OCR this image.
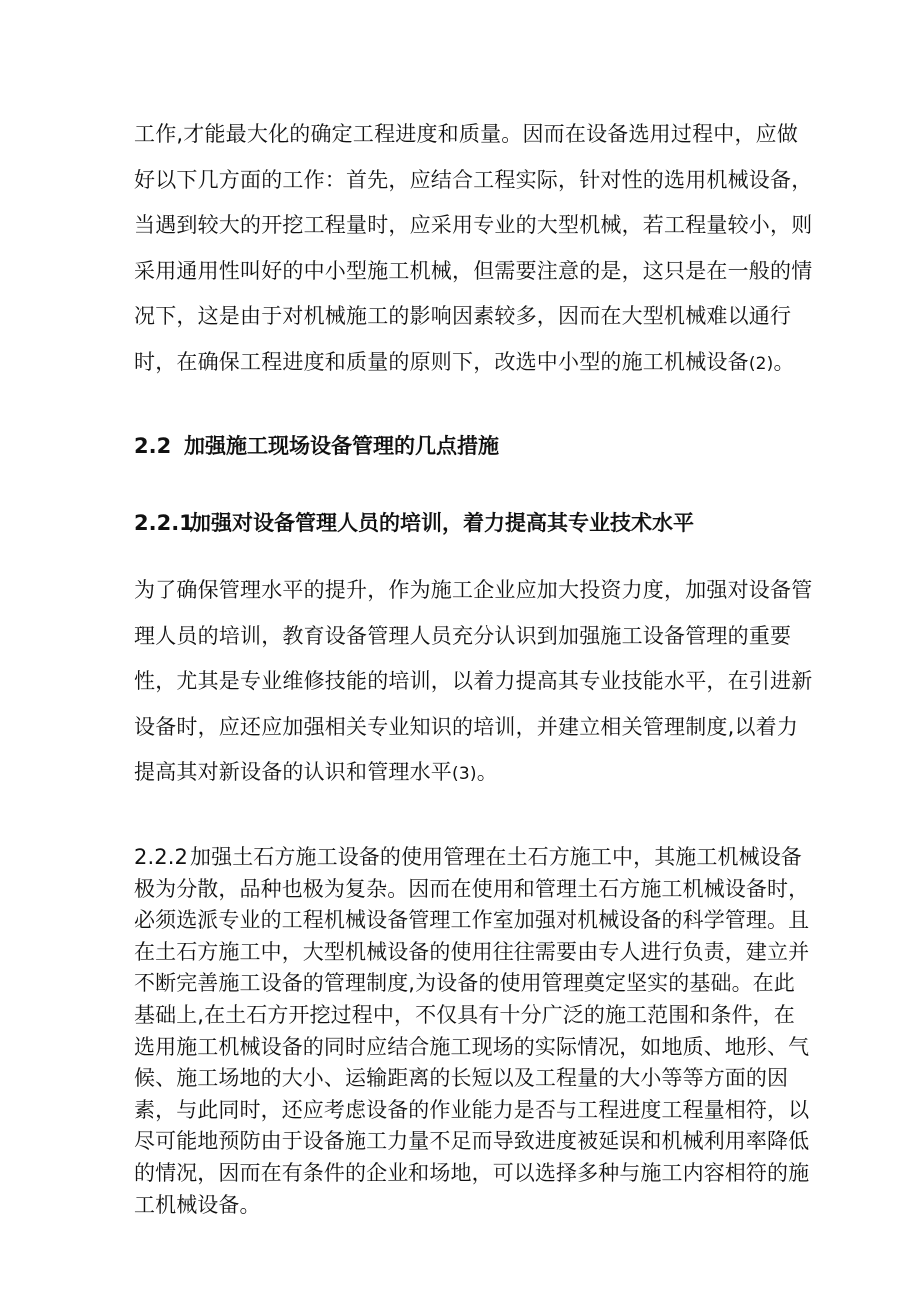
工作,才能最大化的确定工程进度和质量。因而在设备选用过程中，应做好以下几方面的工作：首先，应结合工程实际，针对性的选用机械设备，当遇到较大的开挖工程量时，应采用专业的大型机械，若工程量较小，则采用通用性叫好的中小型施工机械，但需要注意的是，这只是在一般的情况下，这是由于对机械施工的影响因素较多，因而在大型机械难以通行时，在确保工程进度和质量的原则下，改选中小型的施工机械设备(2)。

2.2 加强施工现场设备管理的几点措施
2.2.1加强对设备管理人员的培训，着力提高其专业技术水平

为了确保管理水平的提升，作为施工企业应加大投资力度，加强对设备管理人员的培训，教育设备管理人员充分认识到加强施工设备管理的重要性，尤其是专业维修技能的培训，以着力提高其专业技能水平，在引进新设备时，应还应加强相关专业知识的培训，并建立相关管理制度,以着力提高其对新设备的认识和管理水平(3)。

2.2.2加强土石方施工设备的使用管理在土石方施工中，其施工机械设备极为分散，品种也极为复杂。因而在使用和管理土石方施工机械设备时，必须选派专业的工程机械设备管理工作室加强对机械设备的科学管理。且在土石方施工中，大型机械设备的使用往往需要由专人进行负责，建立并不断完善施工设备的管理制度,为设备的使用管理奠定坚实的基础。在此基础上,在土石方开挖过程中，不仅具有十分广泛的施工范围和条件，在选用施工机械设备的同时应结合施工现场的实际情况，如地质、地形、气候、施工场地的大小、运输距离的长短以及工程量的大小等等方面的因素，与此同时，还应考虑设备的作业能力是否与工程进度工程量相符，以尽可能地预防由于设备施工力量不足而导致进度被延误和机械利用率降低的情况，因而在有条件的企业和场地，可以选择多种与施工内容相符的施工机械设备。
